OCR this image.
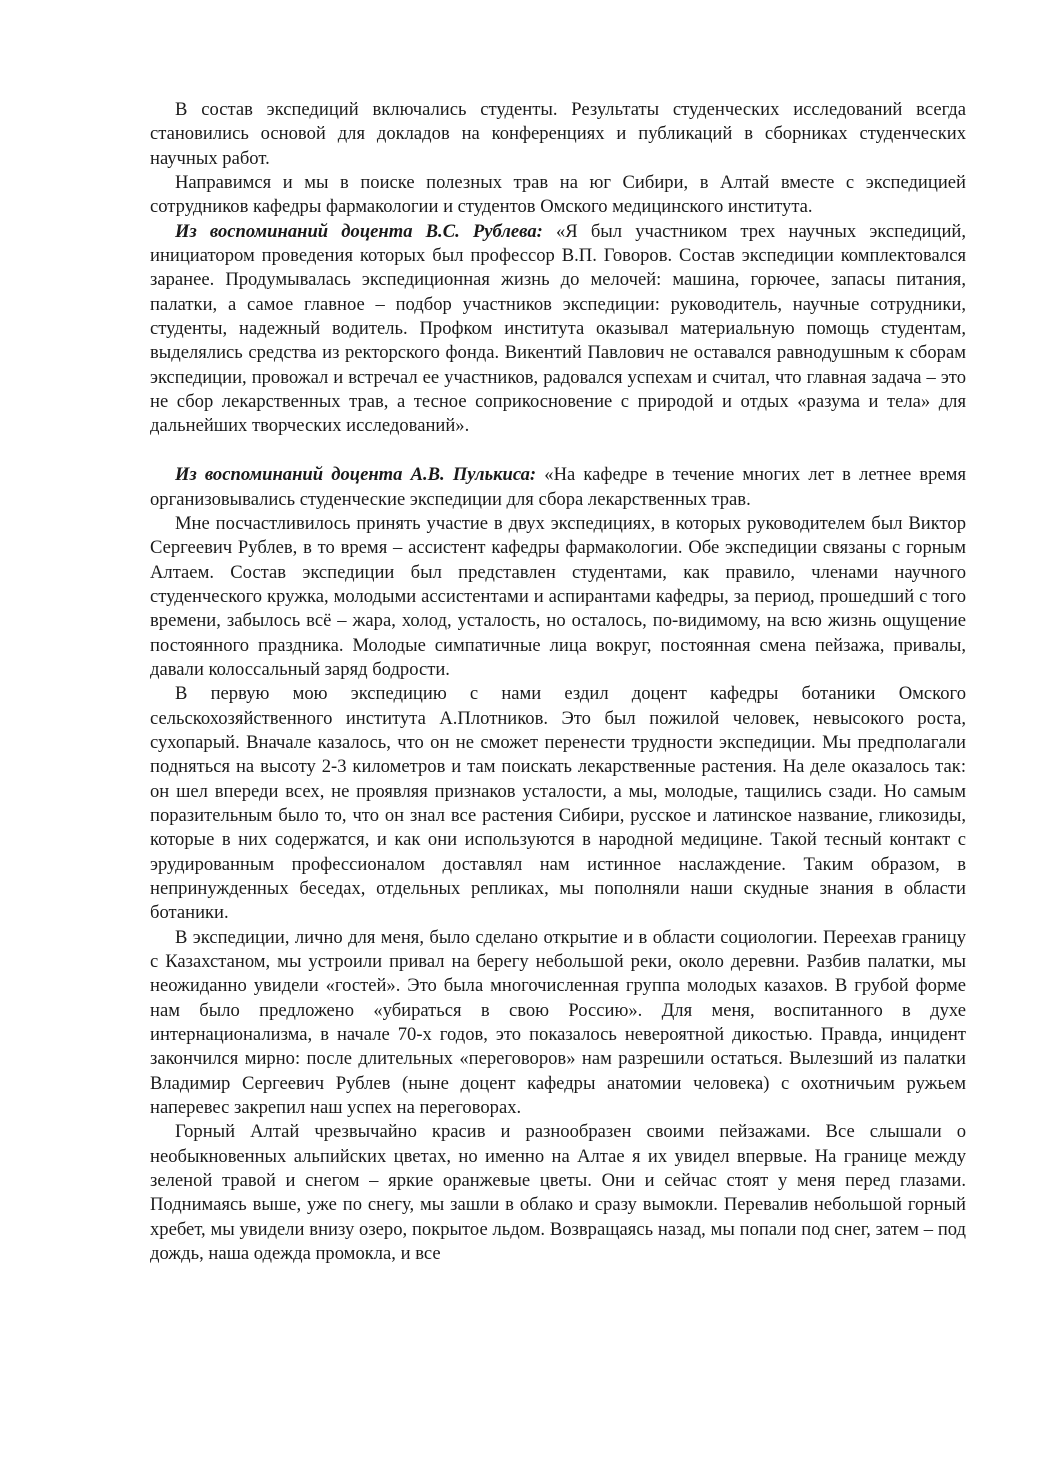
В состав экспедиций включались студенты. Результаты студенческих исследований всегда становились основой для докладов на конференциях и публикаций в сборниках студенческих научных работ.

Направимся и мы в поиске полезных трав на юг Сибири, в Алтай вместе с экспедицией сотрудников кафедры фармакологии и студентов Омского медицинского института.

Из воспоминаний доцента В.С. Рублева: «Я был участником трех научных экспедиций, инициатором проведения которых был профессор В.П. Говоров. Состав экспедиции комплектовался заранее. Продумывалась экспедиционная жизнь до мелочей: машина, горючее, запасы питания, палатки, а самое главное – подбор участников экспедиции: руководитель, научные сотрудники, студенты, надежный водитель. Профком института оказывал материальную помощь студентам, выделялись средства из ректорского фонда. Викентий Павлович не оставался равнодушным к сборам экспедиции, провожал и встречал ее участников, радовался успехам и считал, что главная задача – это не сбор лекарственных трав, а тесное соприкосновение с природой и отдых «разума и тела» для дальнейших творческих исследований».

Из воспоминаний доцента А.В. Пулькиса: «На кафедре в течение многих лет в летнее время организовывались студенческие экспедиции для сбора лекарственных трав.

Мне посчастливилось принять участие в двух экспедициях, в которых руководителем был Виктор Сергеевич Рублев, в то время – ассистент кафедры фармакологии. Обе экспедиции связаны с горным Алтаем. Состав экспедиции был представлен студентами, как правило, членами научного студенческого кружка, молодыми ассистентами и аспирантами кафедры, за период, прошедший с того времени, забылось всё – жара, холод, усталость, но осталось, по-видимому, на всю жизнь ощущение постоянного праздника. Молодые симпатичные лица вокруг, постоянная смена пейзажа, привалы, давали колоссальный заряд бодрости.

В первую мою экспедицию с нами ездил доцент кафедры ботаники Омского сельскохозяйственного института А.Плотников. Это был пожилой человек, невысокого роста, сухопарый. Вначале казалось, что он не сможет перенести трудности экспедиции. Мы предполагали подняться на высоту 2-3 километров и там поискать лекарственные растения. На деле оказалось так: он шел впереди всех, не проявляя признаков усталости, а мы, молодые, тащились сзади. Но самым поразительным было то, что он знал все растения Сибири, русское и латинское название, гликозиды, которые в них содержатся, и как они используются в народной медицине. Такой тесный контакт с эрудированным профессионалом доставлял нам истинное наслаждение. Таким образом, в непринужденных беседах, отдельных репликах, мы пополняли наши скудные знания в области ботаники.

В экспедиции, лично для меня, было сделано открытие и в области социологии. Переехав границу с Казахстаном, мы устроили привал на берегу небольшой реки, около деревни. Разбив палатки, мы неожиданно увидели «гостей». Это была многочисленная группа молодых казахов. В грубой форме нам было предложено «убираться в свою Россию». Для меня, воспитанного в духе интернационализма, в начале 70-х годов, это показалось невероятной дикостью. Правда, инцидент закончился мирно: после длительных «переговоров» нам разрешили остаться. Вылезший из палатки Владимир Сергеевич Рублев (ныне доцент кафедры анатомии человека) с охотничьим ружьем наперевес закрепил наш успех на переговорах.

Горный Алтай чрезвычайно красив и разнообразен своими пейзажами. Все слышали о необыкновенных альпийских цветах, но именно на Алтае я их увидел впервые. На границе между зеленой травой и снегом – яркие оранжевые цветы. Они и сейчас стоят у меня перед глазами. Поднимаясь выше, уже по снегу, мы зашли в облако и сразу вымокли. Перевалив небольшой горный хребет, мы увидели внизу озеро, покрытое льдом. Возвращаясь назад, мы попали под снег, затем – под дождь, наша одежда промокла, и все
